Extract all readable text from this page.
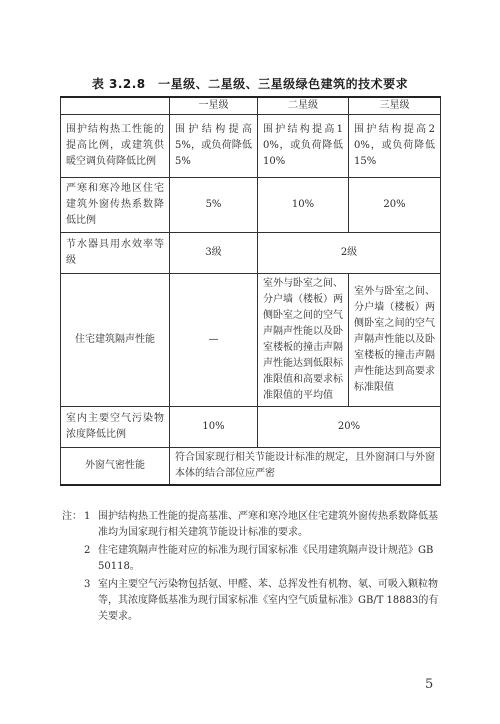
表 3.2.8　一星级、二星级、三星级绿色建筑的技术要求
	一星级	二星级	三星级
围护结构热工性能的提高比例，或建筑供暖空调负荷降低比例	围护结构提高5%，或负荷降低5%	围护结构提高10%，或负荷降低10%	围护结构提高20%，或负荷降低15%
严寒和寒冷地区住宅建筑外窗传热系数降低比例	5%	10%	20%
节水器具用水效率等级	3级	2级	
住宅建筑隔声性能	—	室外与卧室之间、分户墙（楼板）两侧卧室之间的空气声隔声性能以及卧室楼板的撞击声隔声性能达到低限标准限值和高要求标准限值的平均值	室外与卧室之间、分户墙（楼板）两侧卧室之间的空气声隔声性能以及卧室楼板的撞击声隔声性能达到高要求标准限值
室内主要空气污染物浓度降低比例	10%	20%	
外窗气密性能	符合国家现行相关节能设计标准的规定，且外窗洞口与外窗本体的结合部位应严密		
注： 1 围护结构热工性能的提高基准、严寒和寒冷地区住宅建筑外窗传热系数降低基准均为国家现行相关建筑节能设计标准的要求。
2 住宅建筑隔声性能对应的标准为现行国家标准《民用建筑隔声设计规范》GB 50118。
3 室内主要空气污染物包括氨、甲醛、苯、总挥发性有机物、氡、可吸入颗粒物等，其浓度降低基准为现行国家标准《室内空气质量标准》GB/T 18883的有关要求。
5
